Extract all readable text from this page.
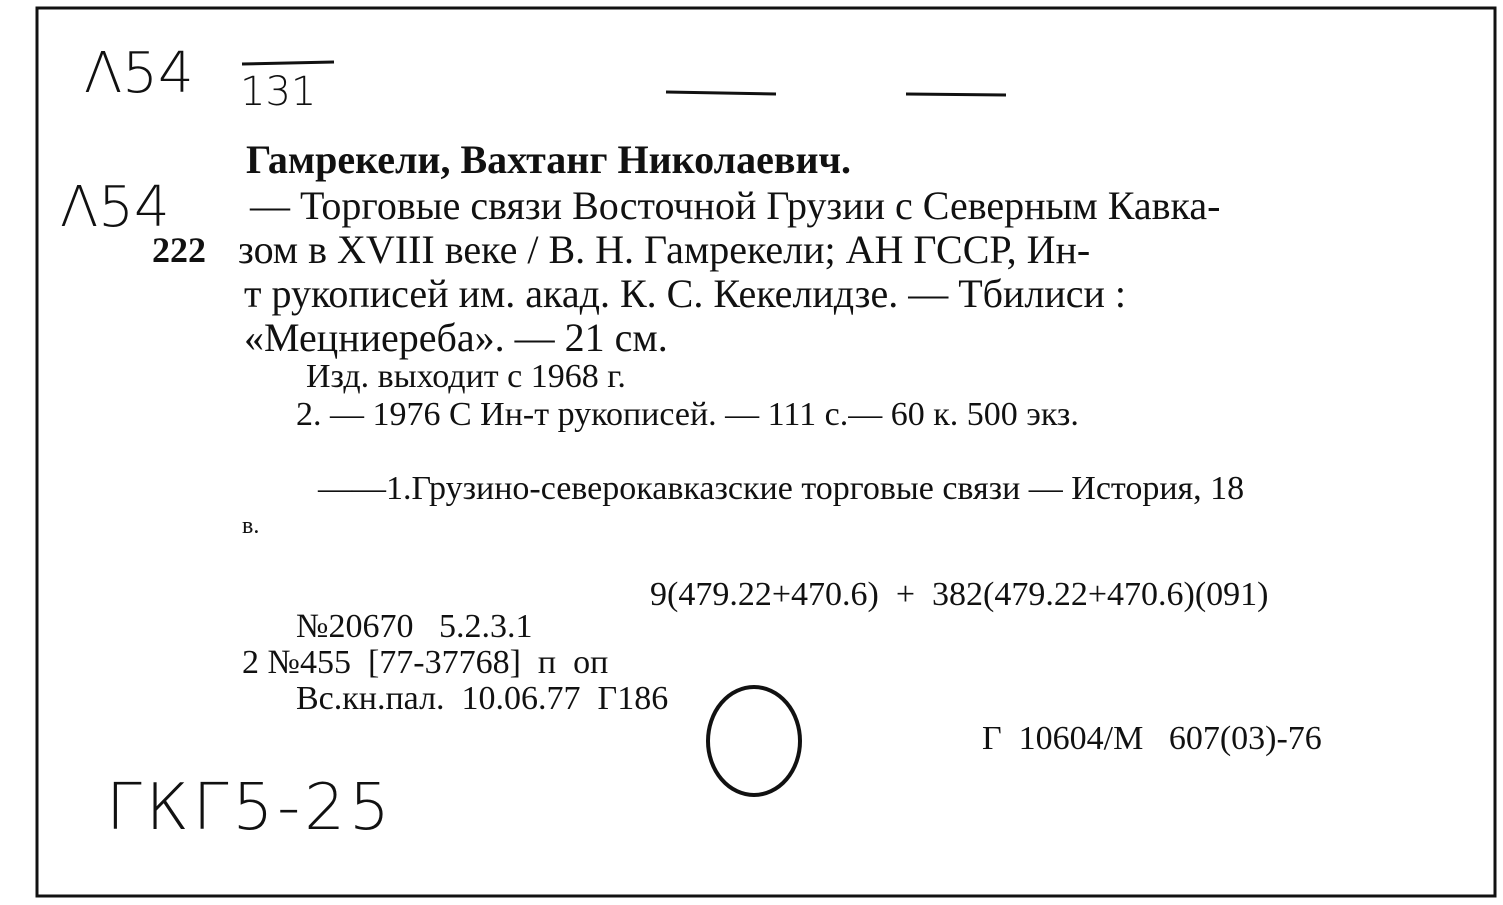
Λ54 131
Λ54
222
Гамрекели, Вахтанг Николаевич.
— Торговые связи Восточной Грузии с Северным Кавка-
зом в XVIII веке / В. Н. Гамрекели; АН ГССР, Ин-
т рукописей им. акад. К. С. Кекелидзе. — Тбилиси :
«Мецниереба». — 21 см.
Изд. выходит с 1968 г.
2. — 1976 С Ин-т рукописей. — 111 с.— 60 к. 500 экз.
——1.Грузино-северокавказские торговые связи — История, 18
в.
9(479.22+470.6)  +  382(479.22+470.6)(091)
№20670   5.2.3.1
2 №455  [77-37768]  п  оп
Вс.кн.пал.  10.06.77  Г186
Г  10604/М   607(03)-76
ГКГ5-25
